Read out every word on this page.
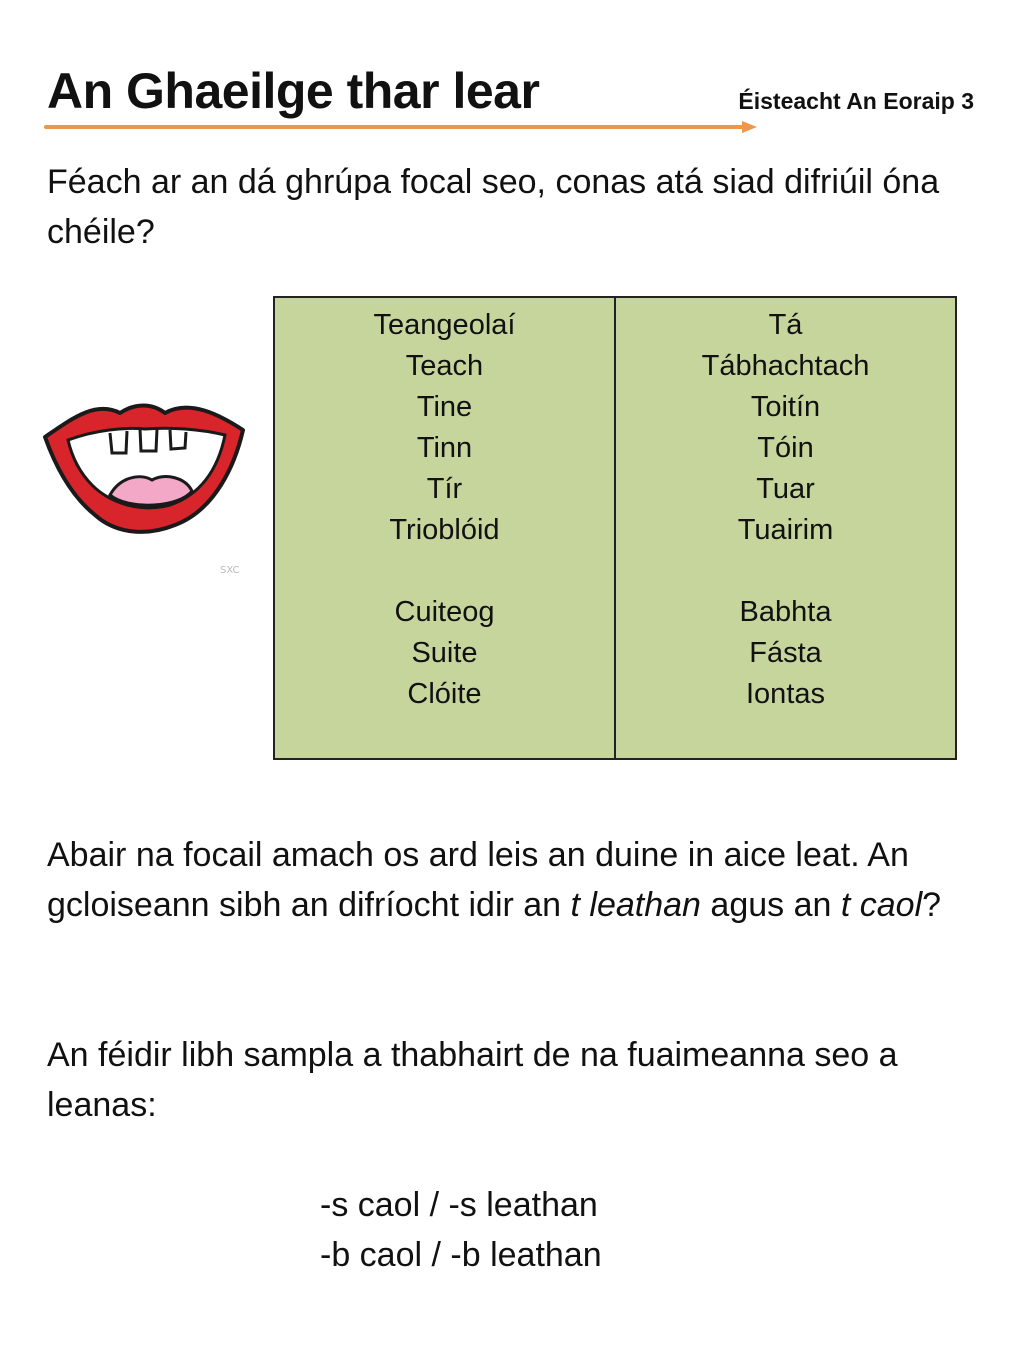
An Ghaeilge thar lear	Éisteacht An Eoraip 3

Féach ar an dá ghrúpa focal seo, conas atá siad difriúil óna chéile?

SXC
Teangeolaí
Teach
Tine
Tinn
Tír
Trioblóid
Cuiteog
Suite
Clóite
Tá
Tábhachtach
Toitín
Tóin
Tuar
Tuairim
Babhta
Fásta
Iontas

Abair na focail amach os ard leis an duine in aice leat. An gcloiseann sibh an difríocht idir an t leathan agus an t caol?

An féidir libh sampla a thabhairt de na fuaimeanna seo a leanas:

-s caol / -s leathan
-b caol / -b leathan
